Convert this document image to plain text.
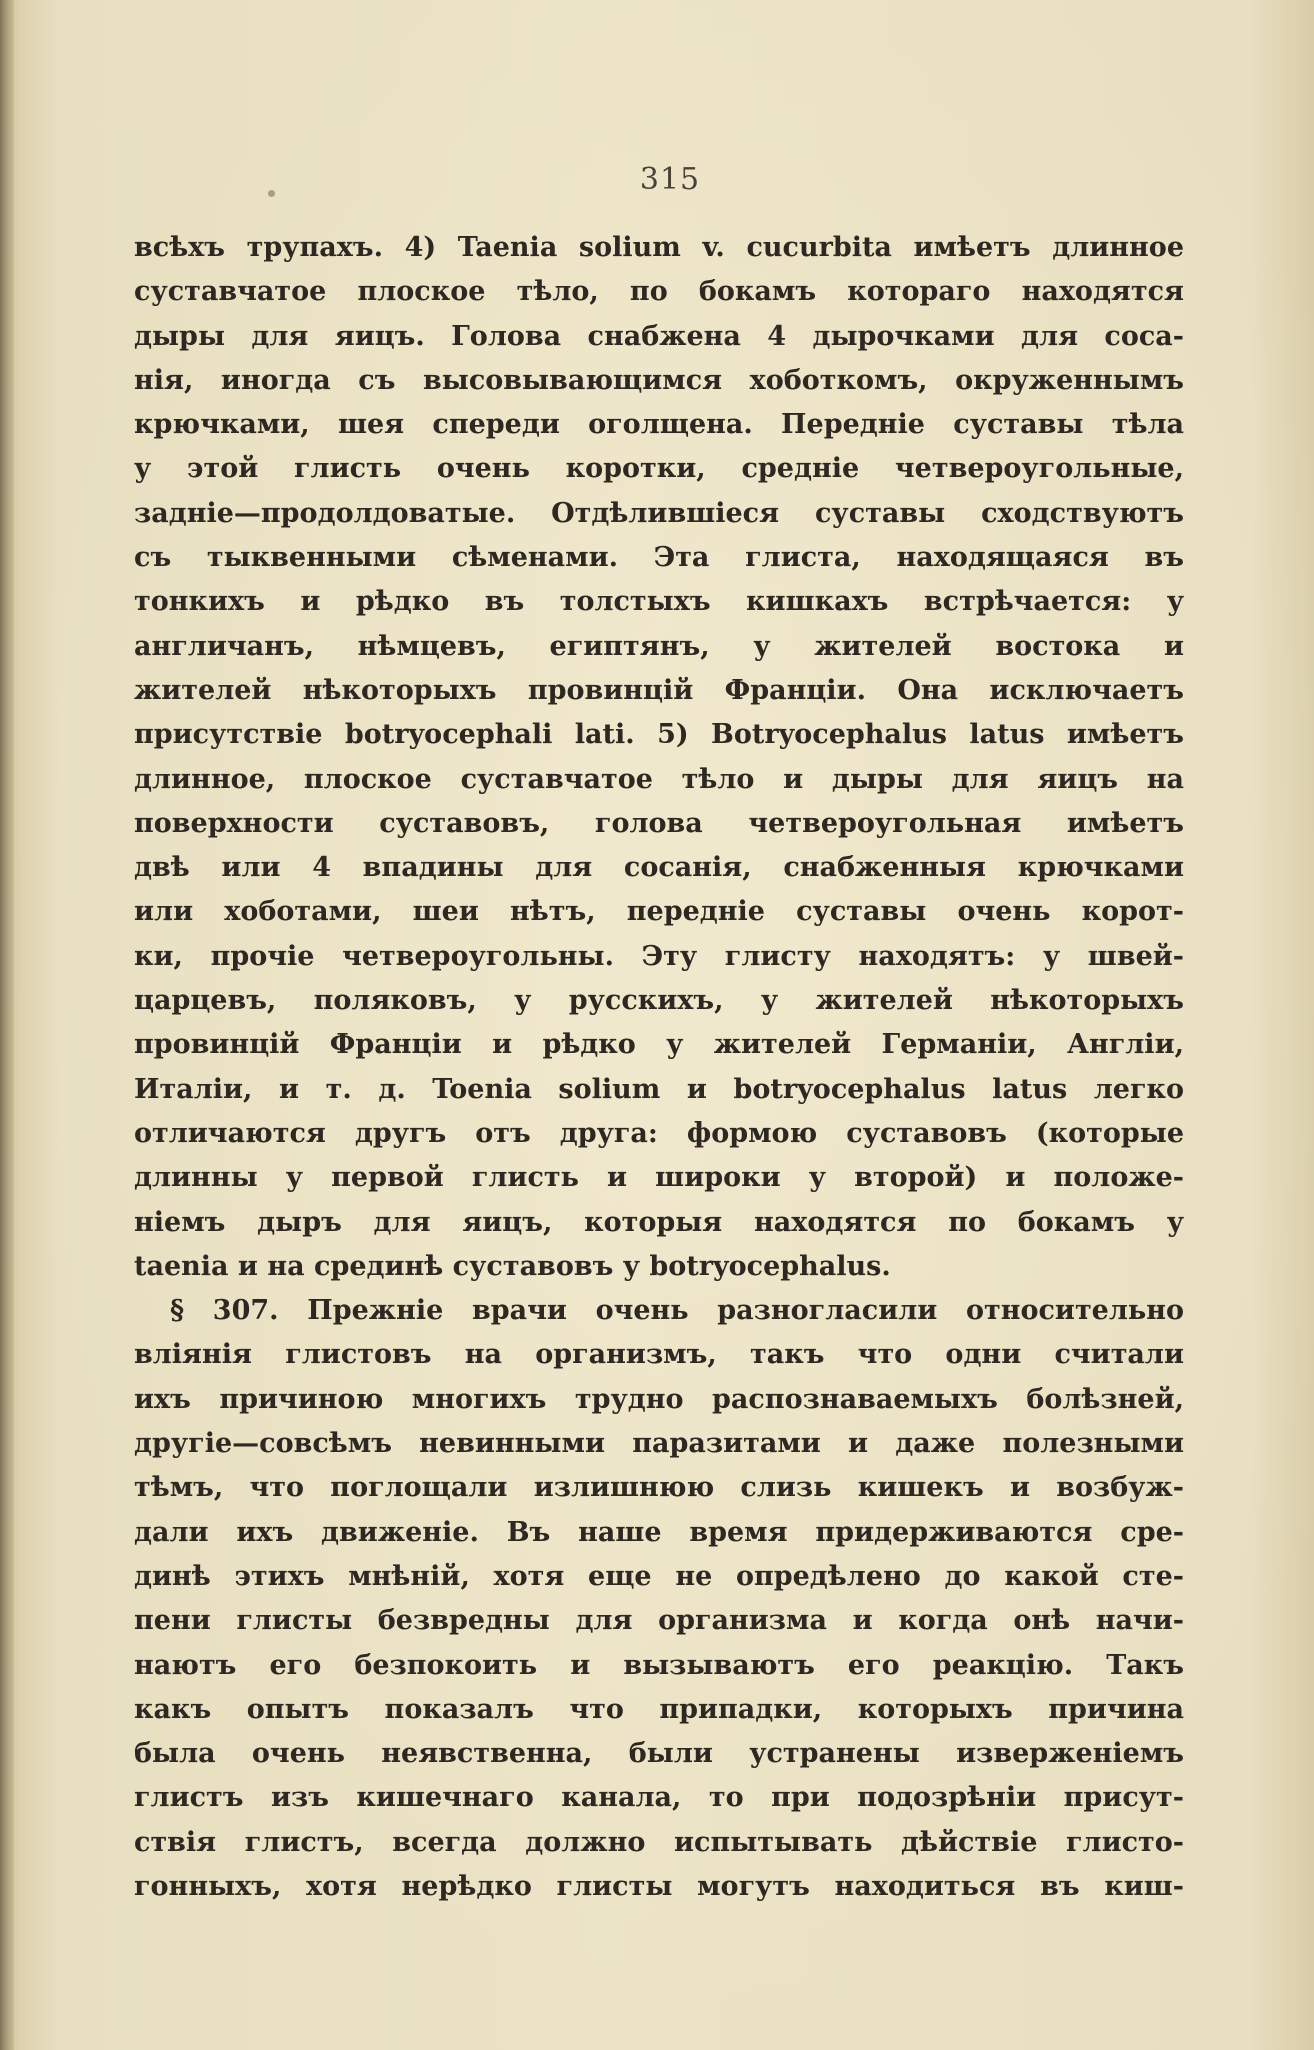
315
всѣхъ трупахъ. 4) Taenia solium v. cucurbita имѣетъ длинное
суставчатое плоское тѣло, по бокамъ котораго находятся
дыры для яицъ. Голова снабжена 4 дырочками для соса-
нія, иногда съ высовывающимся хоботкомъ, окруженнымъ
крючками, шея спереди оголщена. Передніе суставы тѣла
у этой глисть очень коротки, средніе четвероугольные,
задніе—продолдоватые. Отдѣлившіеся суставы сходствуютъ
съ тыквенными сѣменами. Эта глиста, находящаяся въ
тонкихъ и рѣдко въ толстыхъ кишкахъ встрѣчается: у
англичанъ, нѣмцевъ, египтянъ, у жителей востока и
жителей нѣкоторыхъ провинцій Франціи. Она исключаетъ
присутствіе botryocephali lati. 5) Botryocephalus latus имѣетъ
длинное, плоское суставчатое тѣло и дыры для яицъ на
поверхности суставовъ, голова четвероугольная имѣетъ
двѣ или 4 впадины для сосанія, снабженныя крючками
или хоботами, шеи нѣтъ, передніе суставы очень корот-
ки, прочіе четвероугольны. Эту глисту находятъ: у швей-
царцевъ, поляковъ, у русскихъ, у жителей нѣкоторыхъ
провинцій Франціи и рѣдко у жителей Германіи, Англіи,
Италіи, и т. д. Toenia solium и botryocephalus latus легко
отличаются другъ отъ друга: формою суставовъ (которые
длинны у первой глисть и широки у второй) и положе-
ніемъ дыръ для яицъ, которыя находятся по бокамъ у
taenia и на срединѣ суставовъ у botryocephalus.
§ 307. Прежніе врачи очень разногласили относительно
вліянія глистовъ на организмъ, такъ что одни считали
ихъ причиною многихъ трудно распознаваемыхъ болѣзней,
другіе—совсѣмъ невинными паразитами и даже полезными
тѣмъ, что поглощали излишнюю слизь кишекъ и возбуж-
дали ихъ движеніе. Въ наше время придерживаются сре-
динѣ этихъ мнѣній, хотя еще не опредѣлено до какой сте-
пени глисты безвредны для организма и когда онѣ начи-
наютъ его безпокоить и вызываютъ его реакцію. Такъ
какъ опытъ показалъ что припадки, которыхъ причина
была очень неявственна, были устранены изверженіемъ
глистъ изъ кишечнаго канала, то при подозрѣніи присут-
ствія глистъ, всегда должно испытывать дѣйствіе глисто-
гонныхъ, хотя нерѣдко глисты могутъ находиться въ киш-
